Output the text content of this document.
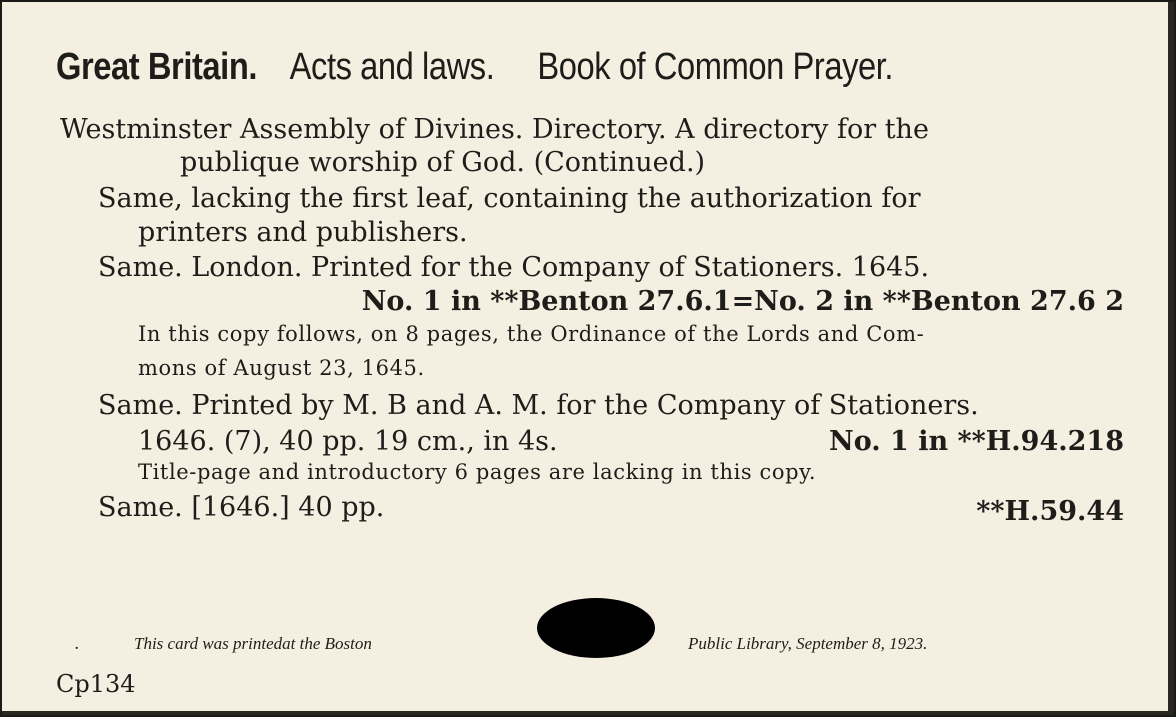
Great Britain. Acts and laws. Book of Common Prayer.
Westminster Assembly of Divines. Directory. A directory for the
publique worship of God. (Continued.)
Same, lacking the first leaf, containing the authorization for
printers and publishers.
Same. London. Printed for the Company of Stationers. 1645.
No. 1 in **Benton 27.6.1=No. 2 in **Benton 27.6 2
In this copy follows, on 8 pages, the Ordinance of the Lords and Com-
mons of August 23, 1645.
Same. Printed by M. B and A. M. for the Company of Stationers.
1646. (7), 40 pp. 19 cm., in 4s.	No. 1 in **H.94.218
Title-page and introductory 6 pages are lacking in this copy.
Same. [1646.] 40 pp.	**H.59.44
.	This card was printedat the Boston	Public Library, September 8, 1923.
Cp134
